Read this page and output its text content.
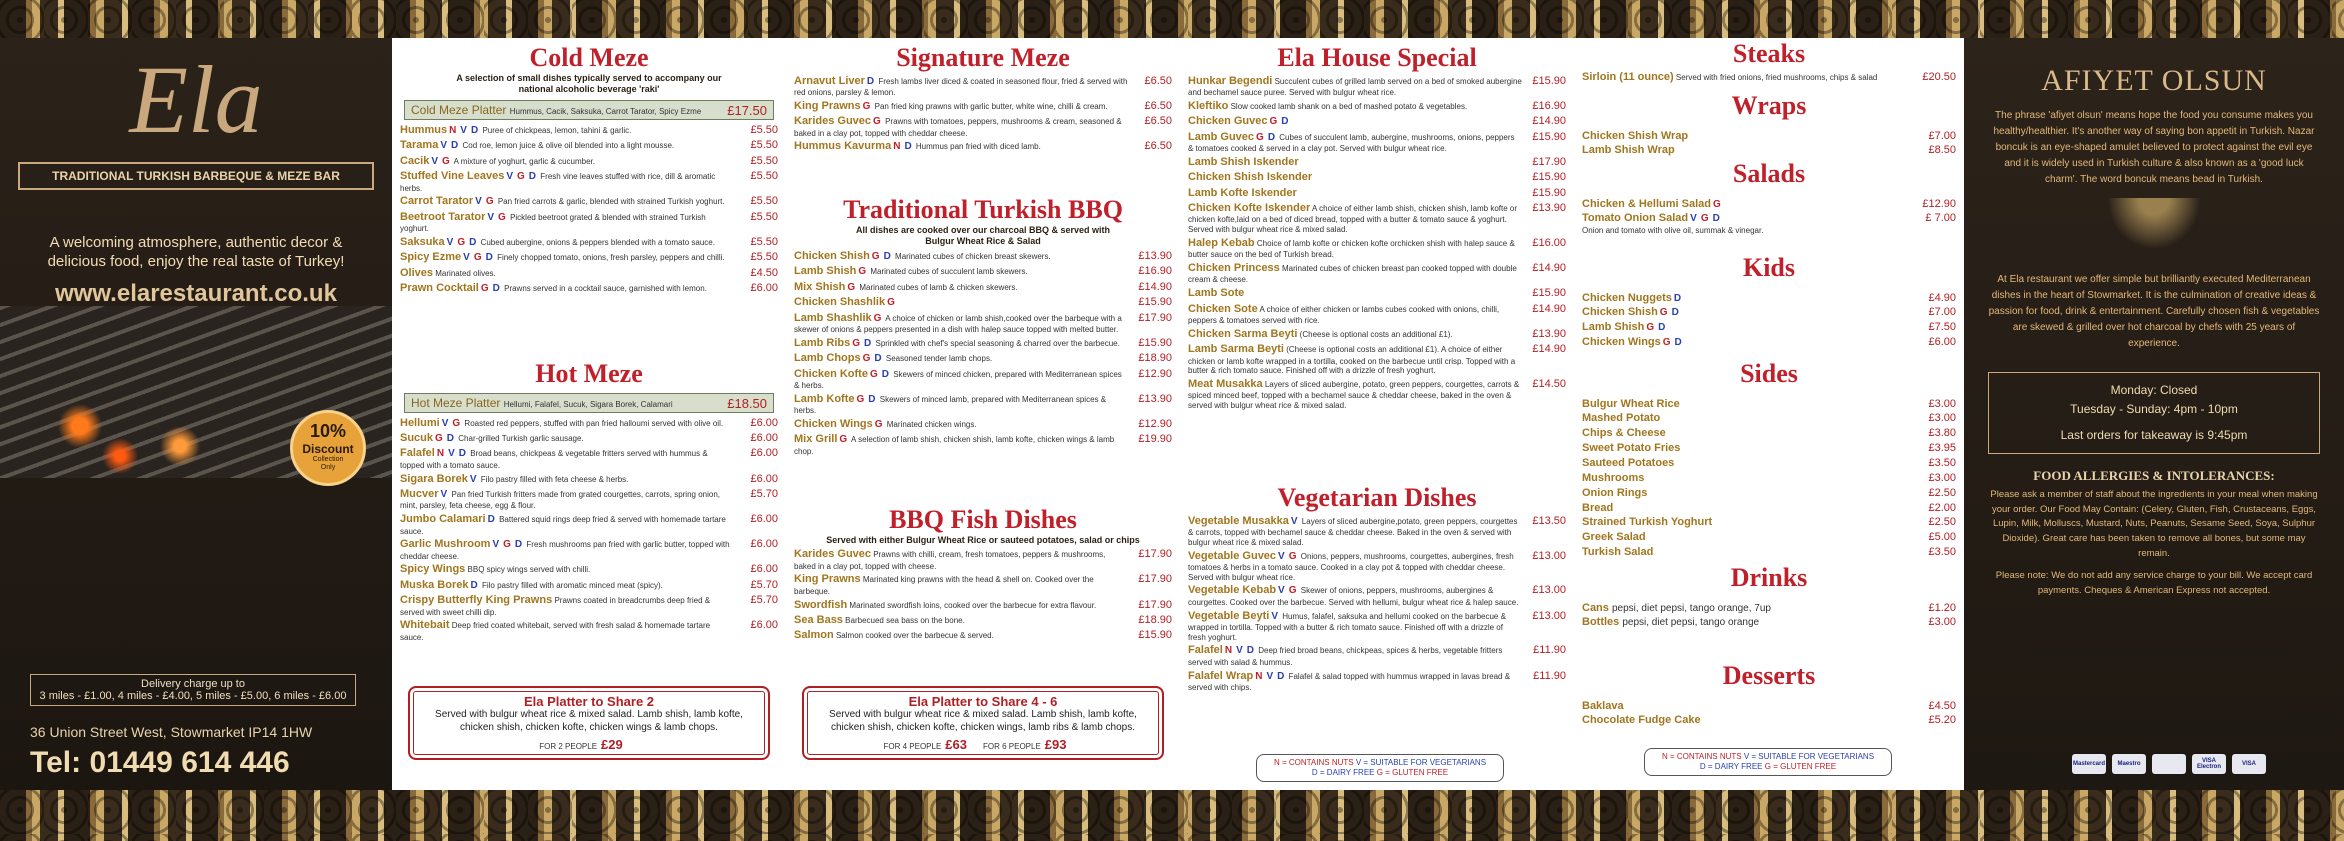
Ela
TRADITIONAL TURKISH BARBEQUE & MEZE BAR
A welcoming atmosphere, authentic decor & delicious food, enjoy the real taste of Turkey!
www.elarestaurant.co.uk
10%
Discount
Collection Only
Delivery charge up to
3 miles - £1.00, 4 miles - £4.00, 5 miles - £5.00, 6 miles - £6.00
36 Union Street West, Stowmarket IP14 1HW
Tel: 01449 614 446
Cold Meze
A selection of small dishes typically served to accompany our national alcoholic beverage 'raki'
Cold Meze Platter Hummus, Cacik, Saksuka, Carrot Tarator, Spicy Ezme £17.50
Hummus N V D Puree of chickpeas, lemon, tahini & garlic.	£5.50
Tarama V D Cod roe, lemon juice & olive oil blended into a light mousse.	£5.50
Cacik V G A mixture of yoghurt, garlic & cucumber.	£5.50
Stuffed Vine Leaves V G D Fresh vine leaves stuffed with rice, dill & aromatic herbs.
£5.50
Carrot Tarator V G Pan fried carrots & garlic, blended with strained Turkish yoghurt. £5.50
Beetroot Tarator V G Pickled beetroot grated & blended with strained Turkish yoghurt.
£5.50
Saksuka V G D Cubed aubergine, onions & peppers blended with a tomato sauce.	£5.50
Spicy Ezme V G D Finely chopped tomato, onions, fresh parsley, peppers and chilli. £5.50
Olives Marinated olives.	£4.50
Prawn Cocktail G D Prawns served in a cocktail sauce, garnished with lemon.	£6.00
Hot Meze
Hot Meze Platter Hellumi, Falafel, Sucuk, Sigara Borek, Calamari	£18.50
Hellumi V G Roasted red peppers, stuffed with pan fried halloumi served with olive oil. £6.00
Sucuk G D Char-grilled Turkish garlic sausage.	£6.00
Falafel N V D Broad beans, chickpeas & vegetable fritters served with hummus & topped with a tomato sauce.
£6.00
Sigara Borek V Filo pastry filled with feta cheese & herbs.	£6.00
Mucver V Pan fried Turkish fritters made from grated courgettes, carrots, spring onion, mint, parsley, feta cheese, egg & flour.
£5.70
Jumbo Calamari D Battered squid rings deep fried & served with homemade tartare sauce.
£6.00
Garlic Mushroom V G D Fresh mushrooms pan fried with garlic butter, topped with cheddar cheese.
£6.00
Spicy Wings BBQ spicy wings served with chilli.	£6.00
Muska Borek D Filo pastry filled with aromatic minced meat (spicy).	£5.70
Crispy Butterfly King Prawns Prawns coated in breadcrumbs deep fried & served with sweet chilli dip.
£5.70
Whitebait Deep fried coated whitebait, served with fresh salad & homemade tartare sauce.
£6.00
Ela Platter to Share 2
Served with bulgur wheat rice & mixed salad. Lamb shish, lamb kofte, chicken shish, chicken kofte, chicken wings & lamb chops.
FOR 2 PEOPLE £29
Signature Meze
Arnavut Liver D Fresh lambs liver diced & coated in seasoned flour, fried & served with red onions, parsley & lemon.
£6.50
King Prawns G Pan fried king prawns with garlic butter, white wine, chilli & cream.	£6.50
Karides Guvec G Prawns with tomatoes, peppers, mushrooms & cream, seasoned & baked in a clay pot, topped with cheddar cheese.
£6.50
Hummus Kavurma N D Hummus pan fried with diced lamb.	£6.50
Traditional Turkish BBQ
All dishes are cooked over our charcoal BBQ & served with Bulgur Wheat Rice & Salad
Chicken Shish G D Marinated cubes of chicken breast skewers.	£13.90
Lamb Shish G Marinated cubes of succulent lamb skewers.	£16.90
Mix Shish G Marinated cubes of lamb & chicken skewers.	£14.90
Chicken Shashlik G	£15.90
Lamb Shashlik G A choice of chicken or lamb shish,cooked over the barbeque with a skewer of onions & peppers presented in a dish with halep sauce topped with melted butter.
£17.90
Lamb Ribs G D Sprinkled with chef's special seasoning & charred over the barbecue. £15.90
Lamb Chops G D Seasoned tender lamb chops.	£18.90
Chicken Kofte G D Skewers of minced chicken, prepared with Mediterranean spices & herbs.
£12.90
Lamb Kofte G D Skewers of minced lamb, prepared with Mediterranean spices & herbs.
£13.90
Chicken Wings G Marinated chicken wings.	£12.90
Mix Grill G A selection of lamb shish, chicken shish, lamb kofte, chicken wings & lamb chop.
£19.90
BBQ Fish Dishes
Served with either Bulgur Wheat Rice or sauteed potatoes, salad or chips
Karides Guvec Prawns with chilli, cream, fresh tomatoes, peppers & mushrooms, baked in a clay pot, topped with cheese.
£17.90
King Prawns Marinated king prawns with the head & shell on. Cooked over the barbeque.
£17.90
Swordfish Marinated swordfish loins, cooked over the barbecue for extra flavour.	£17.90
Sea Bass Barbecued sea bass on the bone.	£18.90
Salmon Salmon cooked over the barbecue & served.	£15.90
Ela Platter to Share 4 - 6
Served with bulgur wheat rice & mixed salad. Lamb shish, lamb kofte, chicken shish, chicken kofte, chicken wings, lamb ribs & lamb chops.
FOR 4 PEOPLE £63 FOR 6 PEOPLE £93
Ela House Special
Hunkar Begendi Succulent cubes of grilled lamb served on a bed of smoked aubergine and bechamel sauce puree. Served with bulgur wheat rice.
£15.90
Kleftiko Slow cooked lamb shank on a bed of mashed potato & vegetables.	£16.90
Chicken Guvec G D	£14.90
Lamb Guvec G D Cubes of succulent lamb, aubergine, mushrooms, onions, peppers & tomatoes cooked & served in a clay pot. Served with bulgur wheat rice.
£15.90
Lamb Shish Iskender	£17.90
Chicken Shish Iskender	£15.90
Lamb Kofte Iskender	£15.90
Chicken Kofte Iskender A choice of either lamb shish, chicken shish, lamb kofte or chicken kofte,laid on a bed of diced bread, topped with a butter & tomato sauce & yoghurt. Served with bulgur wheat rice & mixed salad.
£13.90
Halep Kebab Choice of lamb kofte or chicken kofte orchicken shish with halep sauce & butter sauce on the bed of Turkish bread.
£16.00
Chicken Princess Marinated cubes of chicken breast pan cooked topped with double cream & cheese.
£14.90
Lamb Sote	£15.90
Chicken Sote A choice of either chicken or lambs cubes cooked with onions, chilli, peppers & tomatoes served with rice.
£14.90
Chicken Sarma Beyti (Cheese is optional costs an additional £1).	£13.90
Lamb Sarma Beyti (Cheese is optional costs an additional £1). A choice of either chicken or lamb kofte wrapped in a tortilla, cooked on the barbecue until crisp. Topped with a butter & rich tomato sauce. Finished off with a drizzle of fresh yoghurt.
£14.90
Meat Musakka Layers of sliced aubergine, potato, green peppers, courgettes, carrots & spiced minced beef, topped with a bechamel sauce & cheddar cheese, baked in the oven & served with bulgur wheat rice & mixed salad.
£14.50
Vegetarian Dishes
Vegetable Musakka V Layers of sliced aubergine,potato, green peppers, courgettes & carrots, topped with bechamel sauce & cheddar cheese. Baked in the oven & served with bulgur wheat rice & mixed salad.
£13.50
Vegetable Guvec V G Onions, peppers, mushrooms, courgettes, aubergines, fresh tomatoes & herbs in a tomato sauce. Cooked in a clay pot & topped with cheddar cheese. Served with bulgur wheat rice.
£13.00
Vegetable Kebab V G Skewer of onions, peppers, mushrooms, aubergines & courgettes. Cooked over the barbecue. Served with hellumi, bulgur wheat rice & halep sauce.
£13.00
Vegetable Beyti V Humus, falafel, saksuka and hellumi cooked on the barbecue & wrapped in tortilla. Topped with a butter & rich tomato sauce. Finished off with a drizzle of fresh yoghurt.
£13.00
Falafel N V D Deep fried broad beans, chickpeas, spices & herbs, vegetable fritters served with salad & hummus.
£11.90
Falafel Wrap N V D Falafel & salad topped with hummus wrapped in lavas bread & served with chips.
£11.90
N = CONTAINS NUTS V = SUITABLE FOR VEGETARIANS
D = DAIRY FREE G = GLUTEN FREE
Steaks
Sirloin (11 ounce) Served with fried onions, fried mushrooms, chips & salad	£20.50
Wraps
Chicken Shish Wrap	£7.00
Lamb Shish Wrap	£8.50
Salads
Chicken & Hellumi Salad G	£12.90
Tomato Onion Salad V G D	£ 7.00
Onion and tomato with olive oil, summak & vinegar.
Kids
Chicken Nuggets D	£4.90
Chicken Shish G D	£7.00
Lamb Shish G D	£7.50
Chicken Wings G D	£6.00
Sides
Bulgur Wheat Rice	£3.00
Mashed Potato	£3.00
Chips & Cheese	£3.80
Sweet Potato Fries	£3.95
Sauteed Potatoes	£3.50
Mushrooms	£3.00
Onion Rings	£2.50
Bread	£2.00
Strained Turkish Yoghurt	£2.50
Greek Salad	£5.00
Turkish Salad	£3.50
Drinks
Cans pepsi, diet pepsi, tango orange, 7up	£1.20
Bottles pepsi, diet pepsi, tango orange	£3.00
Desserts
Baklava	£4.50
Chocolate Fudge Cake	£5.20
N = CONTAINS NUTS V = SUITABLE FOR VEGETARIANS
D = DAIRY FREE G = GLUTEN FREE
AFIYET OLSUN
The phrase 'afiyet olsun' means hope the food you consume makes you healthy/healthier. It's another way of saying bon appetit in Turkish. Nazar boncuk is an eye-shaped amulet believed to protect against the evil eye and it is widely used in Turkish culture & also known as a 'good luck charm'. The word boncuk means bead in Turkish.
At Ela restaurant we offer simple but brilliantly executed Mediterranean dishes in the heart of Stowmarket. It is the culmination of creative ideas & passion for food, drink & entertainment. Carefully chosen fish & vegetables are skewed & grilled over hot charcoal by chefs with 25 years of experience.
Monday: Closed
Tuesday - Sunday: 4pm - 10pm
Last orders for takeaway is 9:45pm
FOOD ALLERGIES & INTOLERANCES:
Please ask a member of staff about the ingredients in your meal when making your order. Our Food May Contain: (Celery, Gluten, Fish, Crustaceans, Eggs, Lupin, Milk, Molluscs, Mustard, Nuts, Peanuts, Sesame Seed, Soya, Sulphur Dioxide). Great care has been taken to remove all bones, but some may remain.
Please note: We do not add any service charge to your bill. We accept card payments. Cheques & American Express not accepted.
Mastercard	Maestro	VISA Electron	VISA
